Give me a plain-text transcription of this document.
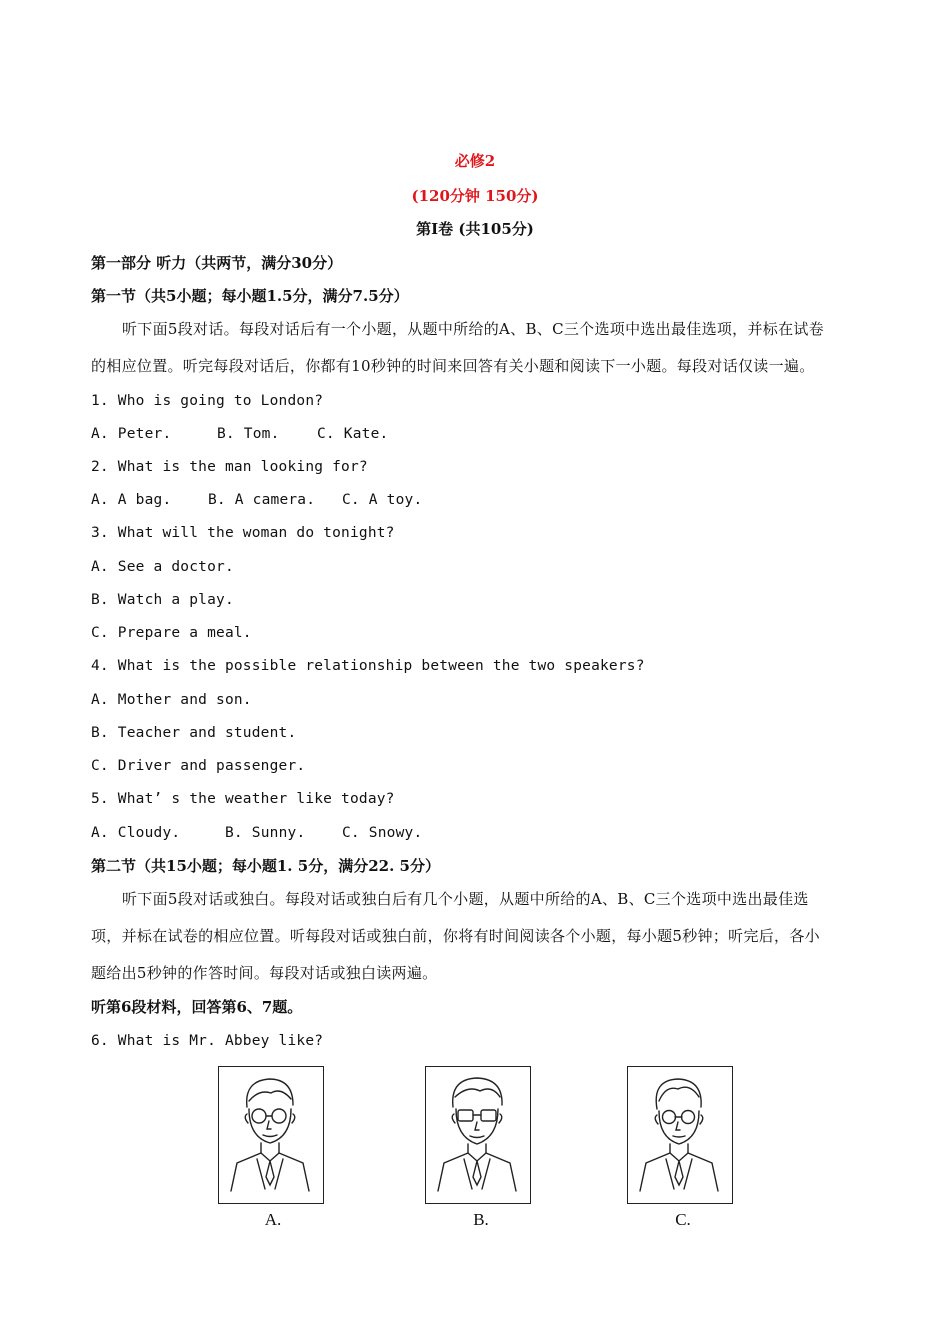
必修2
(120分钟 150分)
第Ⅰ卷 (共105分)
第一部分 听力（共两节，满分30分）
第一节（共5小题；每小题1.5分，满分7.5分）
听下面5段对话。每段对话后有一个小题，从题中所给的A、B、C三个选项中选出最佳选项，并标在试卷
的相应位置。听完每段对话后，你都有10秒钟的时间来回答有关小题和阅读下一小题。每段对话仅读一遍。
1. Who is going to London?
A. Peter.	B. Tom.	C. Kate.
2. What is the man looking for?
A. A bag.	B. A camera. C. A toy.
3. What will the woman do tonight?
A. See a doctor.
B. Watch a play.
C. Prepare a meal.
4. What is the possible relationship between the two speakers?
A. Mother and son.
B. Teacher and student.
C. Driver and passenger.
5. What’ s the weather like today?
A. Cloudy.	B. Sunny.	C. Snowy.
第二节（共15小题；每小题1. 5分，满分22. 5分）
听下面5段对话或独白。每段对话或独白后有几个小题，从题中所给的A、B、C三个选项中选出最佳选
项，并标在试卷的相应位置。听每段对话或独白前，你将有时间阅读各个小题，每小题5秒钟；听完后，各小
题给出5秒钟的作答时间。每段对话或独白读两遍。
听第6段材料，回答第6、7题。
6. What is Mr. Abbey like?
A.	B.	C.
